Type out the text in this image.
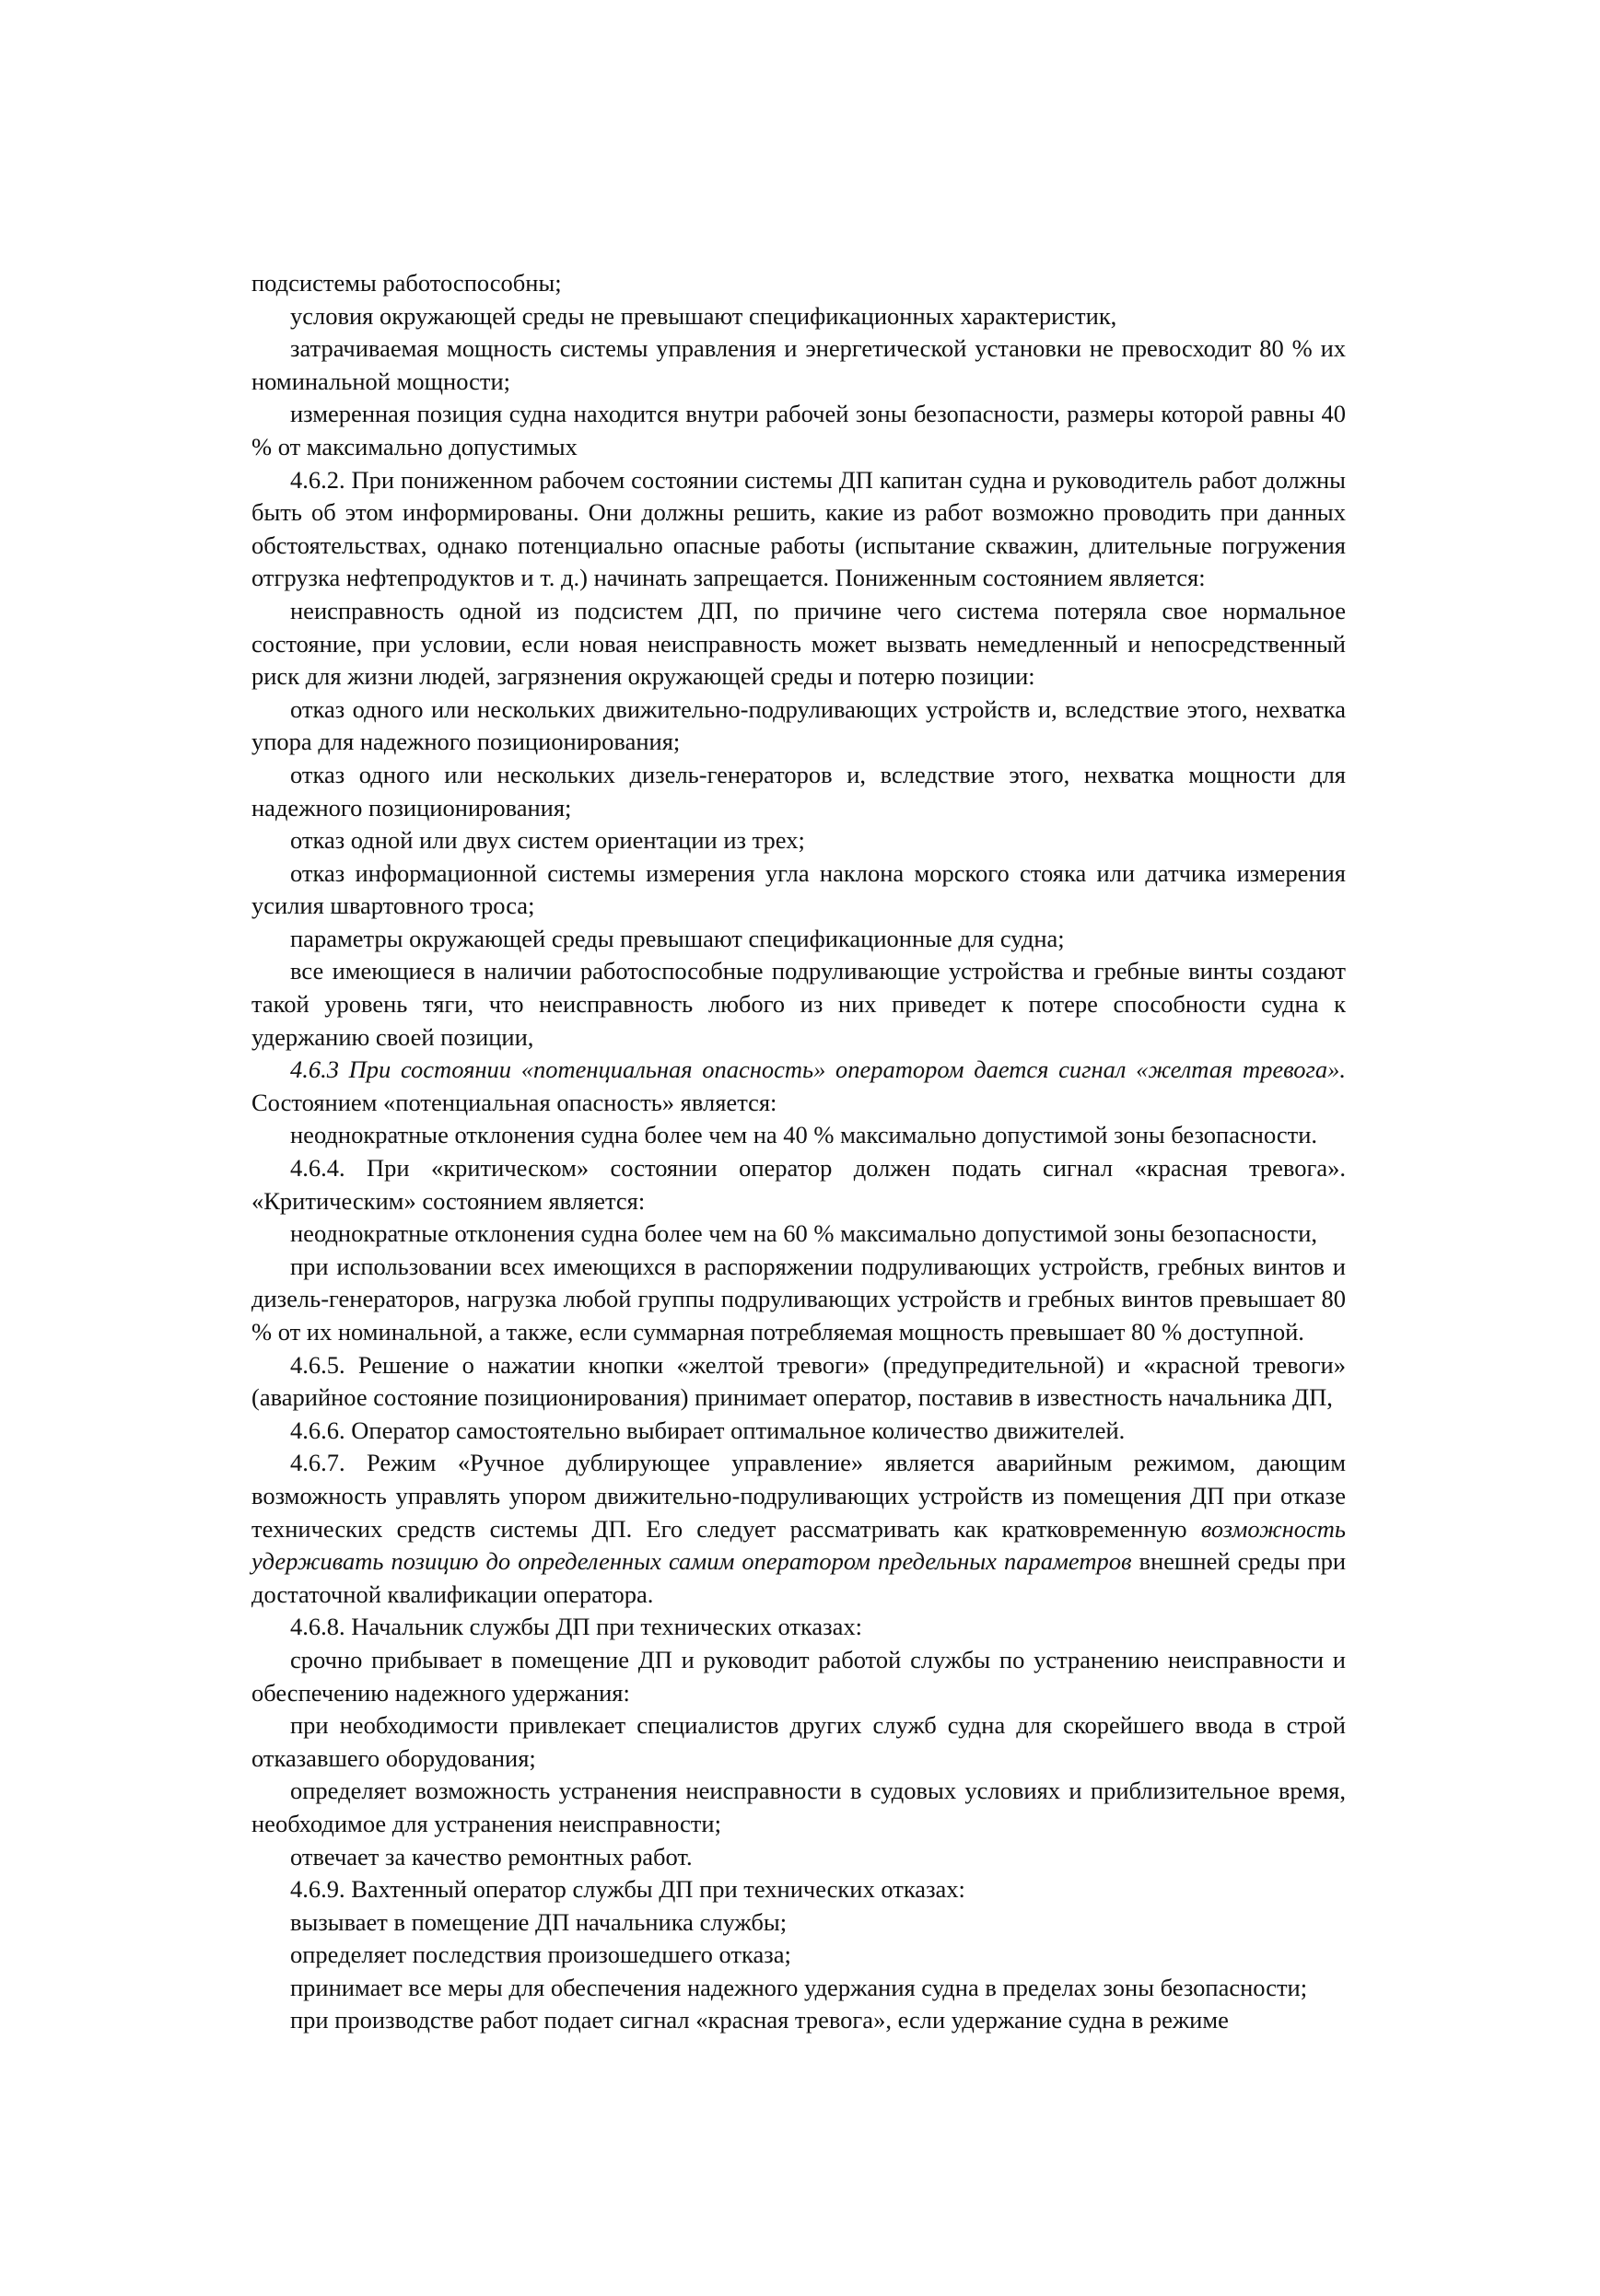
подсистемы работоспособны;

условия окружающей среды не превышают спецификационных характеристик,

затрачиваемая мощность системы управления и энергетической установки не превосходит 80 % их номинальной мощности;

измеренная позиция судна находится внутри рабочей зоны безопасности, размеры которой равны 40 % от максимально допустимых

4.6.2. При пониженном рабочем состоянии системы ДП капитан судна и руководитель работ должны быть об этом информированы. Они должны решить, какие из работ возможно проводить при данных обстоятельствах, однако потенциально опасные работы (испытание скважин, длительные погружения отгрузка нефтепродуктов и т. д.) начинать запрещается. Пониженным состоянием является:

неисправность одной из подсистем ДП, по причине чего система потеряла свое нормальное состояние, при условии, если новая неисправность может вызвать немедленный и непосредственный риск для жизни людей, загрязнения окружающей среды и потерю позиции:

отказ одного или нескольких движительно-подруливающих устройств и, вследствие этого, нехватка упора для надежного позиционирования;

отказ одного или нескольких дизель-генераторов и, вследствие этого, нехватка мощности для надежного позиционирования;

отказ одной или двух систем ориентации из трех;

отказ информационной системы измерения угла наклона морского стояка или датчика измерения усилия швартовного троса;

параметры окружающей среды превышают спецификационные для судна;

все имеющиеся в наличии работоспособные подруливающие устройства и гребные винты создают такой уровень тяги, что неисправность любого из них приведет к потере способности судна к удержанию своей позиции,

4.6.3 При состоянии «потенциальная опасность» оператором дается сигнал «желтая тревога». Состоянием «потенциальная опасность» является:

неоднократные отклонения судна более чем на 40 % максимально допустимой зоны безопасности.

4.6.4. При «критическом» состоянии оператор должен подать сигнал «красная тревога». «Критическим» состоянием является:

неоднократные отклонения судна более чем на 60 % максимально допустимой зоны безопасности,

при использовании всех имеющихся в распоряжении подруливающих устройств, гребных винтов и дизель-генераторов, нагрузка любой группы подруливающих устройств и гребных винтов превышает 80 % от их номинальной, а также, если суммарная потребляемая мощность превышает 80 % доступной.

4.6.5. Решение о нажатии кнопки «желтой тревоги» (предупредительной) и «красной тревоги» (аварийное состояние позиционирования) принимает оператор, поставив в известность начальника ДП,

4.6.6. Оператор самостоятельно выбирает оптимальное количество движителей.

4.6.7. Режим «Ручное дублирующее управление» является аварийным режимом, дающим возможность управлять упором движительно-подруливающих устройств из помещения ДП при отказе технических средств системы ДП. Его следует рассматривать как кратковременную возможность удерживать позицию до определенных самим оператором предельных параметров внешней среды при достаточной квалификации оператора.

4.6.8. Начальник службы ДП при технических отказах:

срочно прибывает в помещение ДП и руководит работой службы по устранению неисправности и обеспечению надежного удержания:

при необходимости привлекает специалистов других служб судна для скорейшего ввода в строй отказавшего оборудования;

определяет возможность устранения неисправности в судовых условиях и приблизительное время, необходимое для устранения неисправности;

отвечает за качество ремонтных работ.

4.6.9. Вахтенный оператор службы ДП при технических отказах:

вызывает в помещение ДП начальника службы;

определяет последствия произошедшего отказа;

принимает все меры для обеспечения надежного удержания судна в пределах зоны безопасности;

при производстве работ подает сигнал «красная тревога», если удержание судна в режиме
